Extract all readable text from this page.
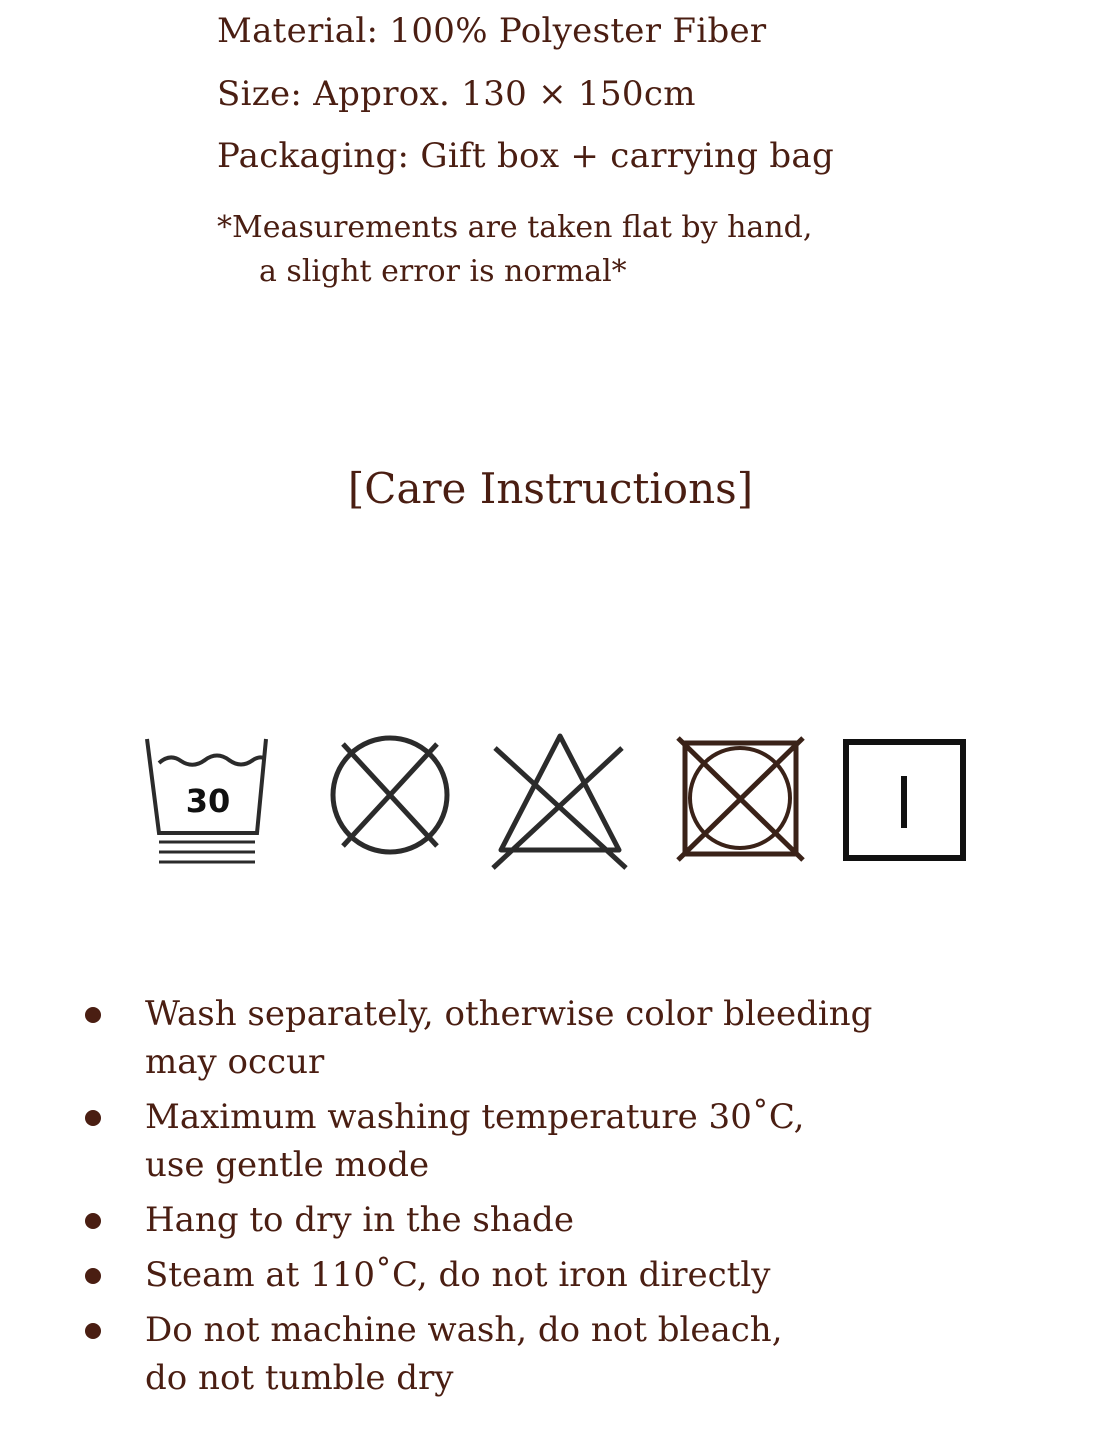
Material: 100% Polyester Fiber
Size: Approx. 130 × 150cm
Packaging: Gift box + carrying bag
*Measurements are taken flat by hand,
a slight error is normal*
[Care Instructions]
30
Wash separately, otherwise color bleeding
may occur
Maximum washing temperature 30˚C,
use gentle mode
Hang to dry in the shade
Steam at 110˚C, do not iron directly
Do not machine wash, do not bleach,
do not tumble dry
